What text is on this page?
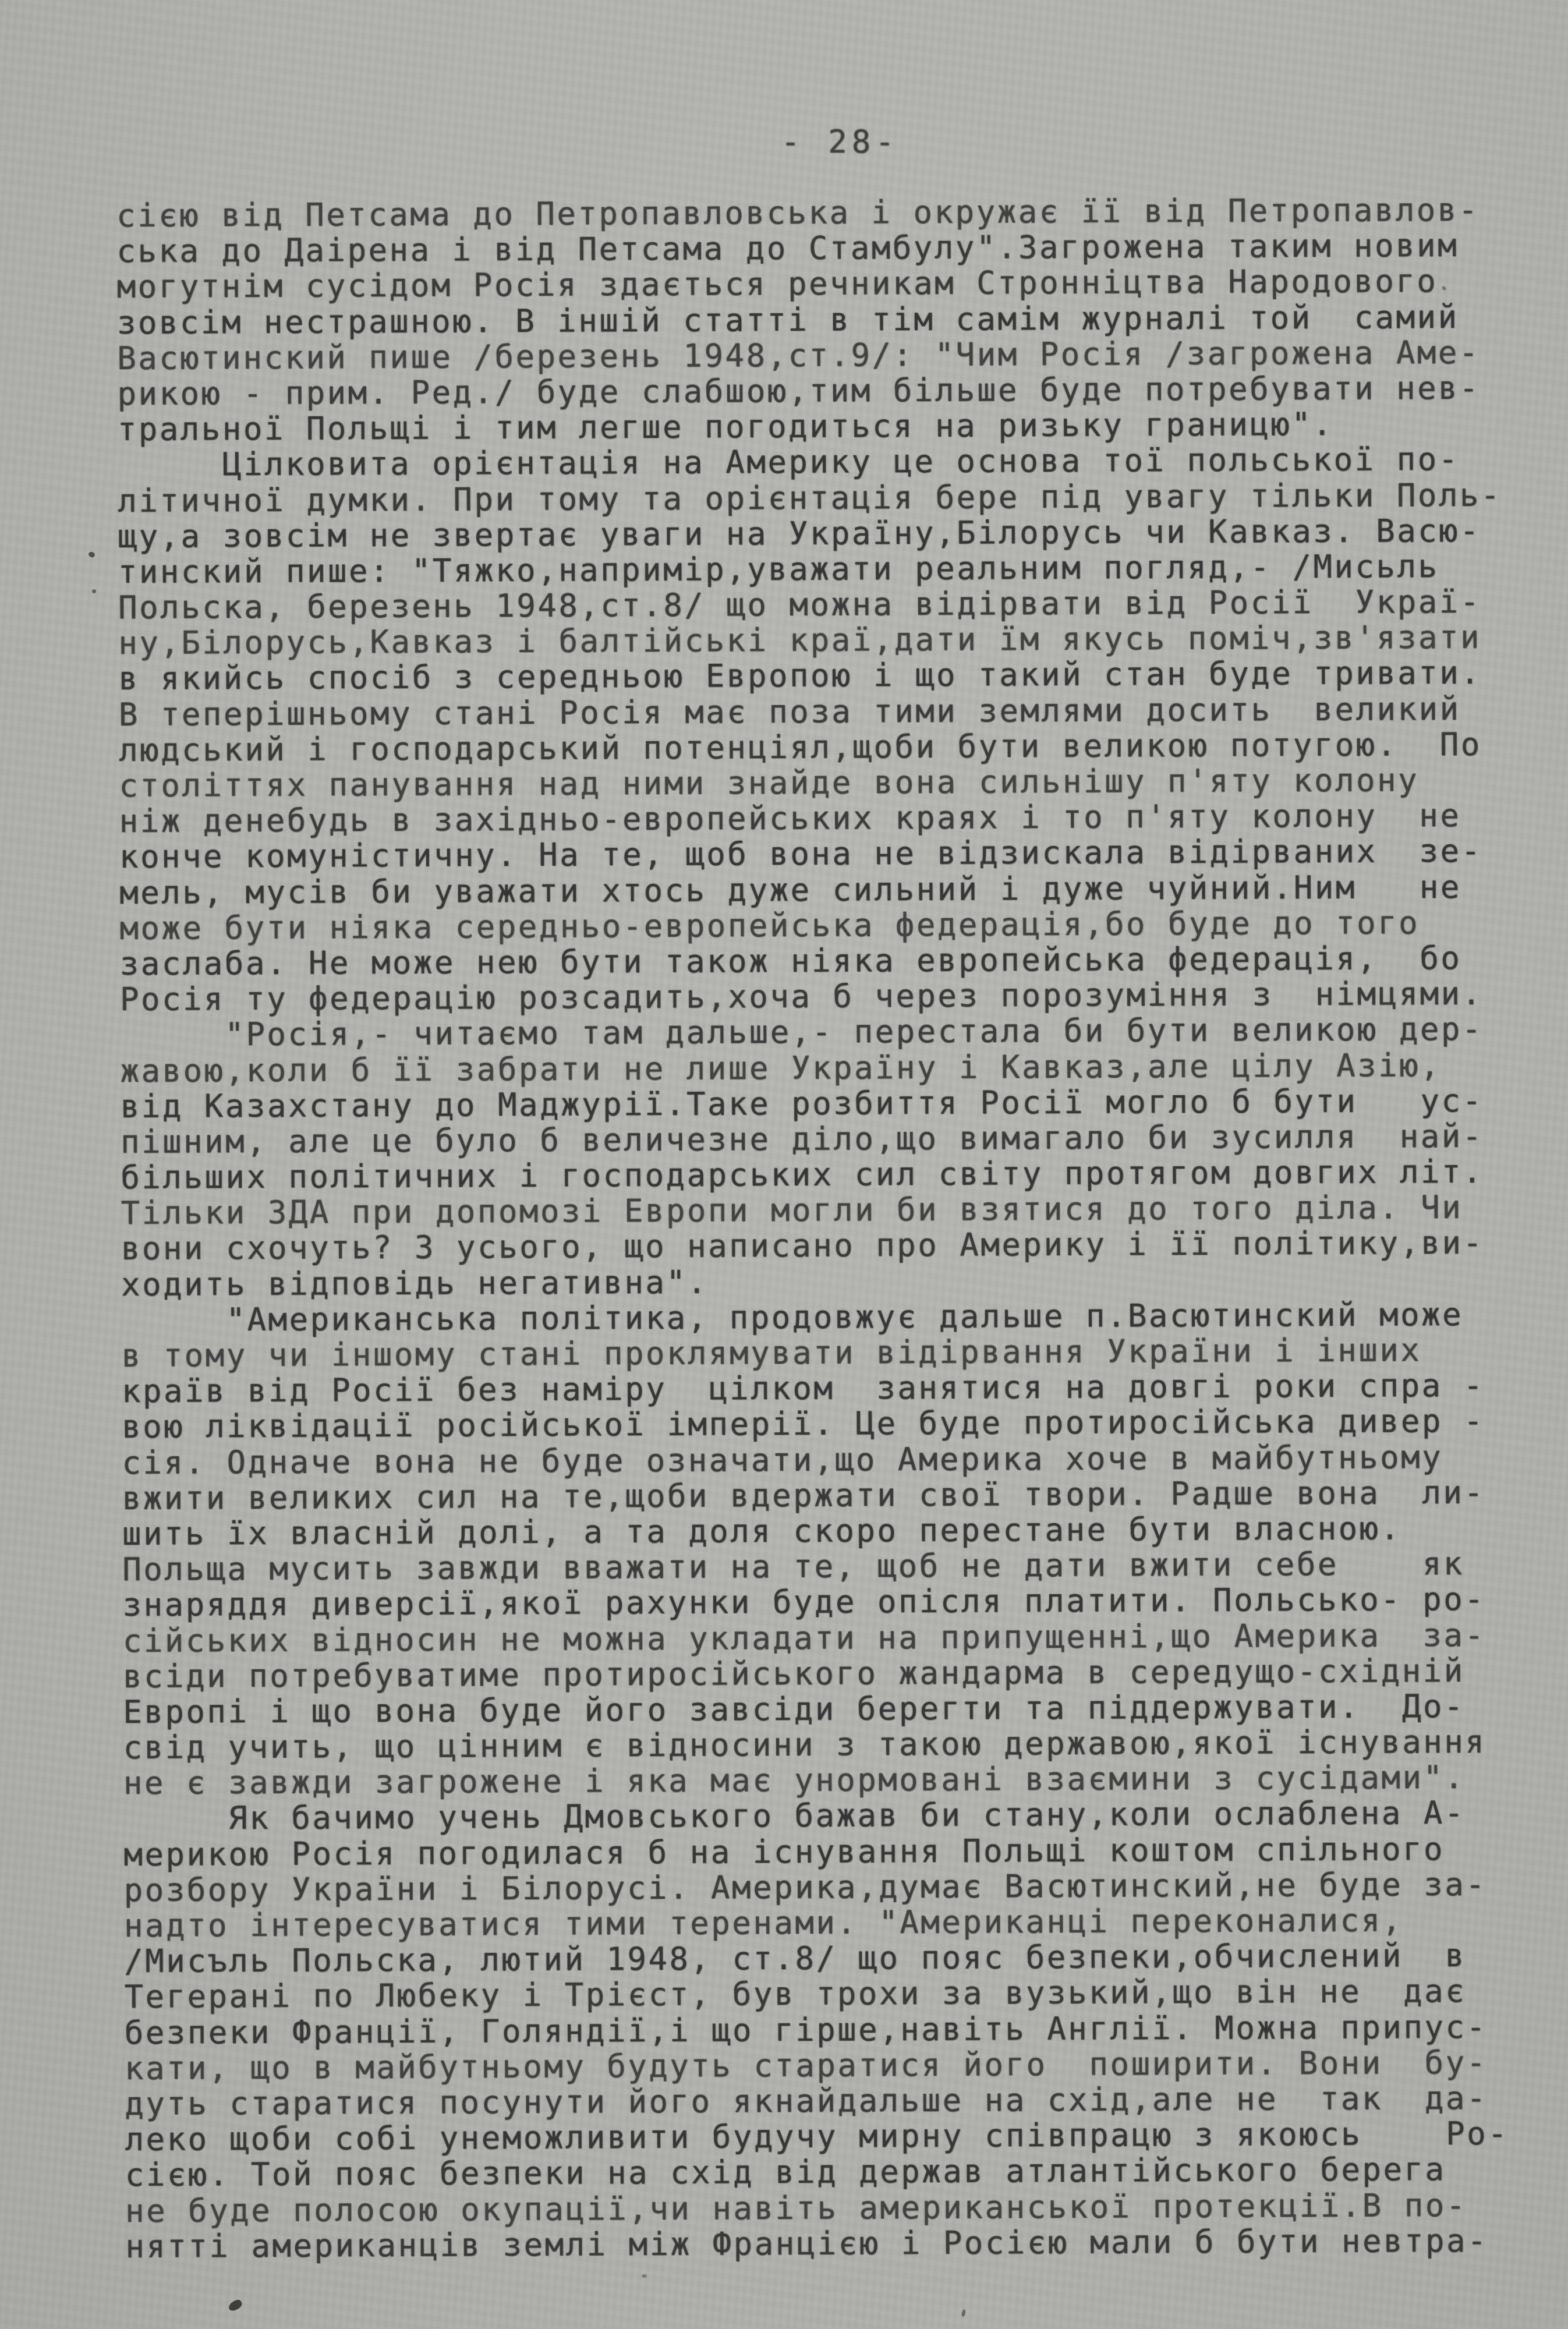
- 28-
сією від Петсама до Петропавловська і окружає її від Петропавлов-
ська до Даірена і від Петсама до Стамбулу".Загрожена таким новим
могутнім сусідом Росія здається речникам Стронніцтва Народового
зовсім нестрашною. В іншій статті в тім самім журналі той  самий
Васютинский пише /березень 1948,ст.9/: "Чим Росія /загрожена Аме-
рикою - прим. Ред./ буде слабшою,тим більше буде потребувати нев-
тральної Польщі і тим легше погодиться на ризьку границю".
Цілковита орієнтація на Америку це основа тої польської по-
літичної думки. При тому та орієнтація бере під увагу тільки Поль-
щу,а зовсім не звертає уваги на Україну,Білорусь чи Кавказ. Васю-
тинский пише: "Тяжко,напримір,уважати реальним погляд,- /Мисьль
Польска, березень 1948,ст.8/ що можна відірвати від Росії  Украї-
ну,Білорусь,Кавказ і балтійські краї,дати їм якусь поміч,зв'язати
в якийсь спосіб з середньою Европою і що такий стан буде тривати.
В теперішньому стані Росія має поза тими землями досить  великий
людський і господарський потенціял,щоби бути великою потугою.  По
століттях панування над ними знайде вона сильнішу п'яту колону
ніж денебудь в західньо-европейських краях і то п'яту колону  не
конче комуністичну. На те, щоб вона не відзискала відірваних  зе-
мель, мусів би уважати хтось дуже сильний і дуже чуйний.Ним   не
може бути ніяка середньо-европейська федерація,бо буде до того
заслаба. Не може нею бути також ніяка европейська федерація,  бо
Росія ту федерацію розсадить,хоча б через порозуміння з  німцями.
"Росія,- читаємо там дальше,- перестала би бути великою дер-
жавою,коли б її забрати не лише Україну і Кавказ,але цілу Азію,
від Казахстану до Маджурії.Таке розбиття Росії могло б бути   ус-
пішним, але це було б величезне діло,що вимагало би зусилля  най-
більших політичних і господарських сил світу протягом довгих літ.
Тільки ЗДА при допомозі Европи могли би взятися до того діла. Чи
вони схочуть? З усього, що написано про Америку і її політику,ви-
ходить відповідь негативна".
"Американська політика, продовжує дальше п.Васютинский може
в тому чи іншому стані проклямувати відірвання України і інших
країв від Росії без наміру  цілком  занятися на довгі роки спра -
вою ліквідації російської імперії. Це буде протиросійська дивер -
сія. Одначе вона не буде означати,що Америка хоче в майбутньому
вжити великих сил на те,щоби вдержати свої твори. Радше вона  ли-
шить їх власній долі, а та доля скоро перестане бути власною.
Польща мусить завжди вважати на те, щоб не дати вжити себе    як
знаряддя диверсії,якої рахунки буде опісля платити. Польсько- ро-
сійських відносин не можна укладати на припущенні,що Америка  за-
всіди потребуватиме протиросійського жандарма в середущо-східній
Европі і що вона буде його завсіди берегти та піддержувати.  До-
свід учить, що цінним є відносини з такою державою,якої існування
не є завжди загрожене і яка має унормовані взаємини з сусідами".
Як бачимо учень Дмовського бажав би стану,коли ослаблена А-
мерикою Росія погодилася б на існування Польщі коштом спільного
розбору України і Білорусі. Америка,думає Васютинский,не буде за-
надто інтересуватися тими теренами. "Американці переконалися,
/Мисъль Польска, лютий 1948, ст.8/ що пояс безпеки,обчислений  в
Тегерані по Любеку і Трієст, був трохи за вузький,що він не  дає
безпеки Франції, Голяндії,і що гірше,навіть Англії. Можна припус-
кати, що в майбутньому будуть старатися його  поширити. Вони  бу-
дуть старатися посунути його якнайдальше на схід,але не  так  да-
леко щоби собі унеможливити будучу мирну співпрацю з якоюсь    Ро-
сією. Той пояс безпеки на схід від держав атлантійського берега
не буде полосою окупації,чи навіть американської протекції.В по-
нятті американців землі між Францією і Росією мали б бути невтра-
